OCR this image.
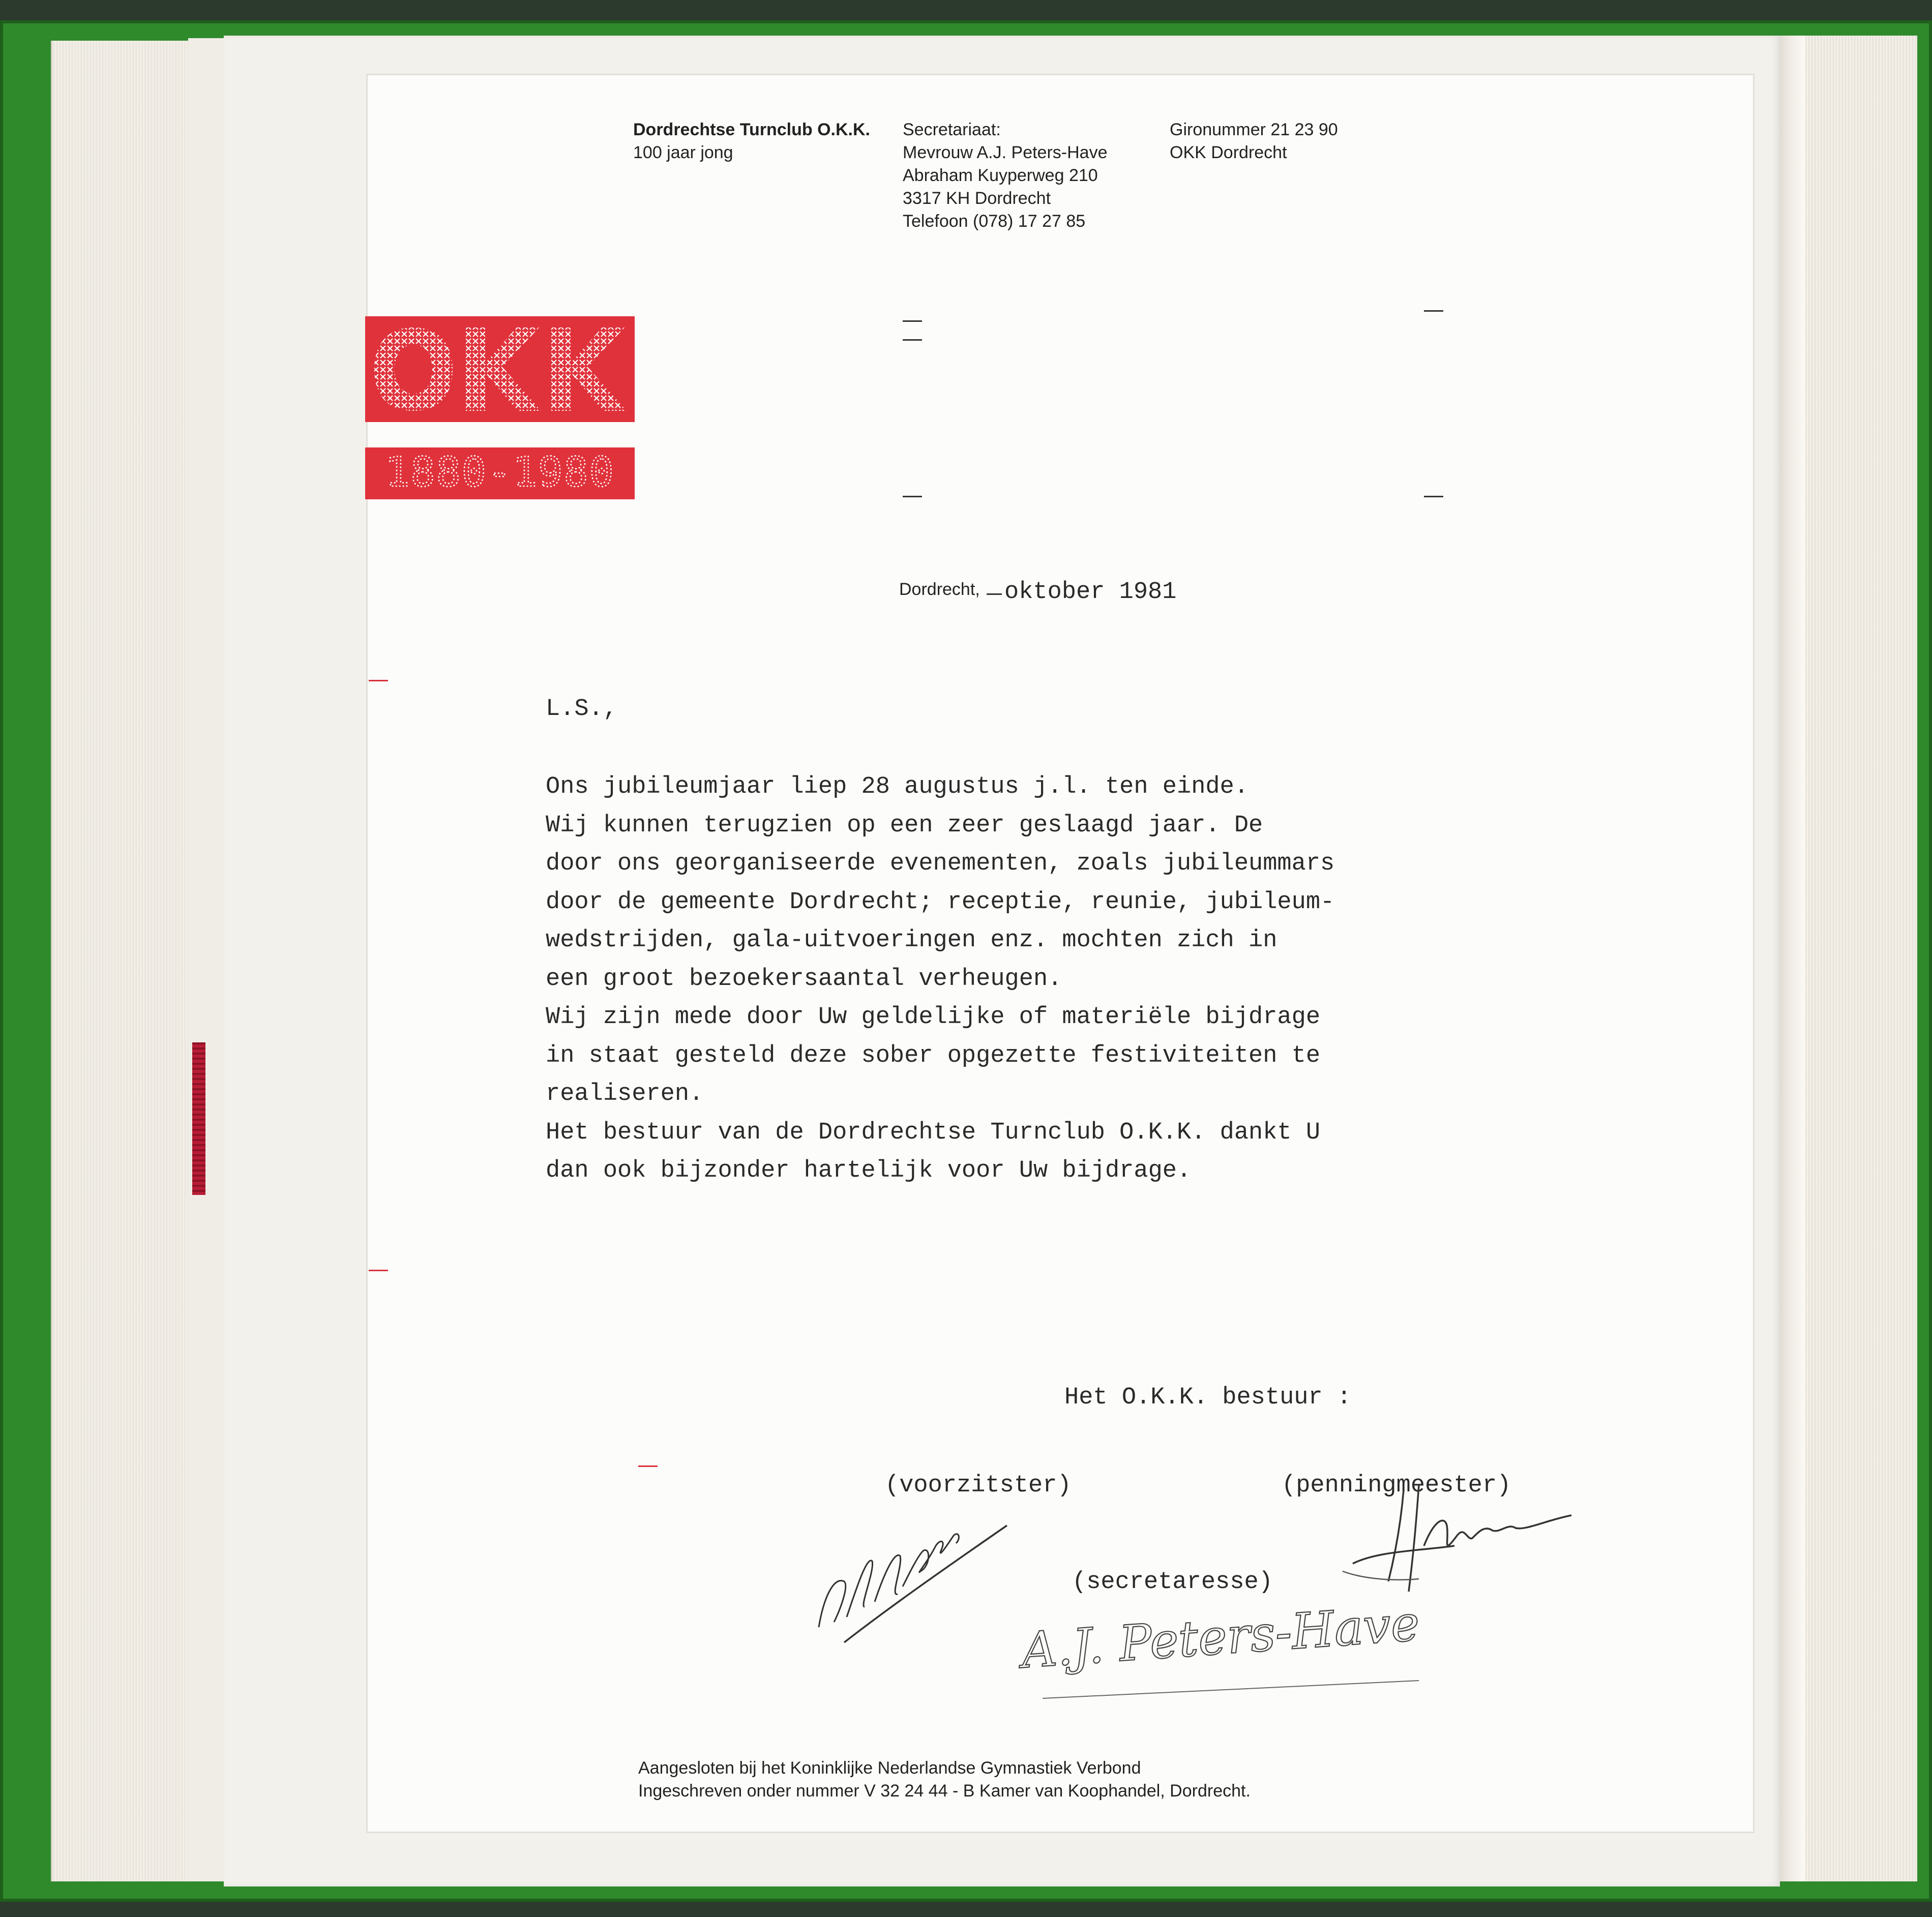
Dordrechtse Turnclub O.K.K.
100 jaar jong
Secretariaat:
Mevrouw A.J. Peters-Have
Abraham Kuyperweg 210
3317 KH Dordrecht
Telefoon (078) 17 27 85
Gironummer 21 23 90
OKK Dordrecht
1880-1980
Dordrecht, oktober 1981
L.S.,
Ons jubileumjaar liep 28 augustus j.l. ten einde.
Wij kunnen terugzien op een zeer geslaagd jaar. De
door ons georganiseerde evenementen, zoals jubileummars
door de gemeente Dordrecht; receptie, reunie, jubileum-
wedstrijden, gala-uitvoeringen enz. mochten zich in
een groot bezoekersaantal verheugen.
Wij zijn mede door Uw geldelijke of materiële bijdrage
in staat gesteld deze sober opgezette festiviteiten te
realiseren.
Het bestuur van de Dordrechtse Turnclub O.K.K. dankt U
dan ook bijzonder hartelijk voor Uw bijdrage.
Het O.K.K. bestuur :
(voorzitster)	(penningmeester)
(secretaresse)
A.J. Peters-Have
Aangesloten bij het Koninklijke Nederlandse Gymnastiek Verbond
Ingeschreven onder nummer V 32 24 44 - B Kamer van Koophandel, Dordrecht.
